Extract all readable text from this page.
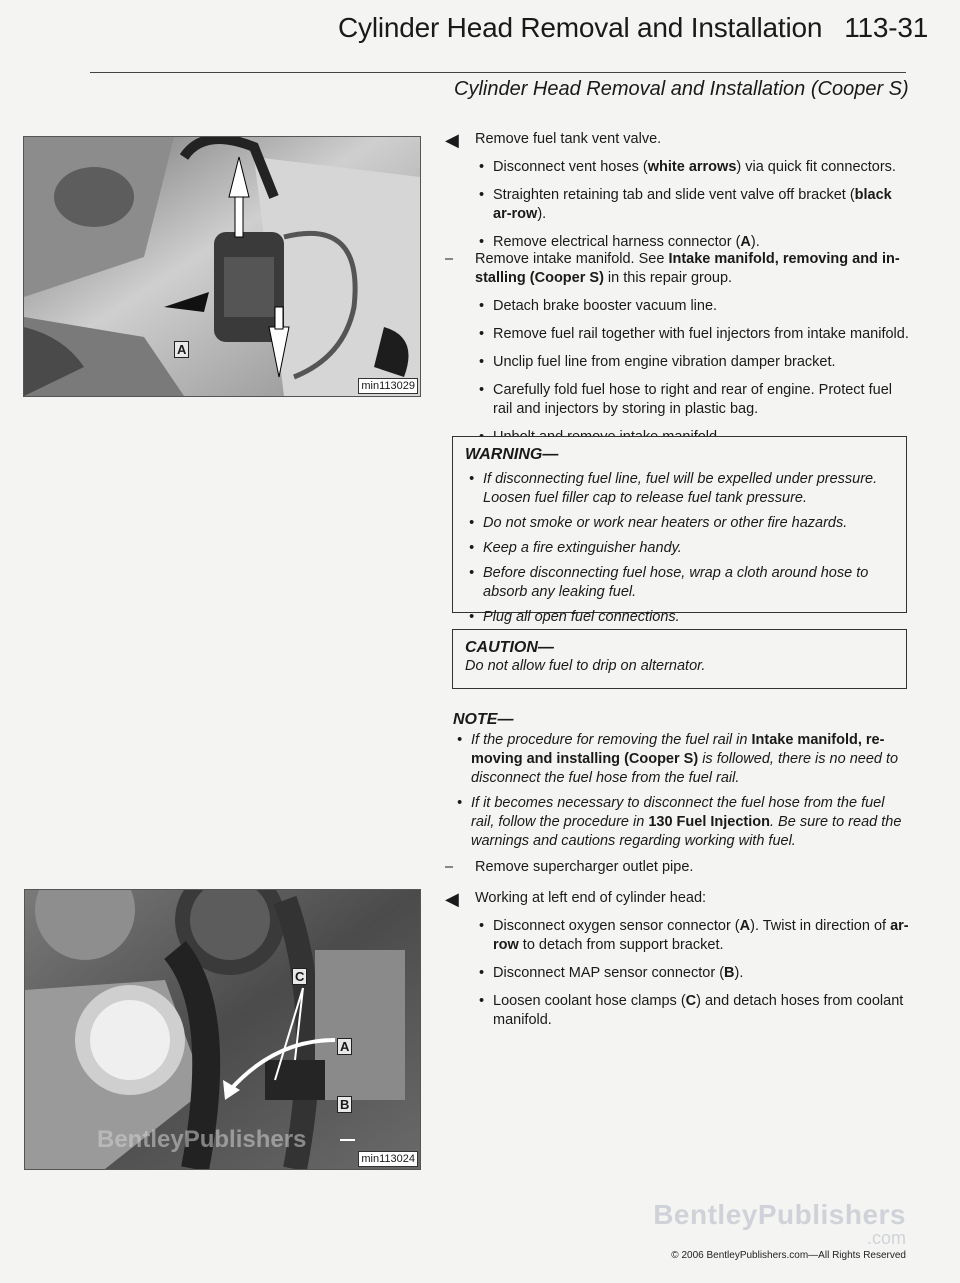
Cylinder Head Removal and Installation 113-31
Cylinder Head Removal and Installation (Cooper S)
A
min113029
◀ Remove fuel tank vent valve.
• Disconnect vent hoses (white arrows) via quick fit connectors.
• Straighten retaining tab and slide vent valve off bracket (black ar-row).
• Remove electrical harness connector (A).
– Remove intake manifold. See Intake manifold, removing and in-stalling (Cooper S) in this repair group.
• Detach brake booster vacuum line.
• Remove fuel rail together with fuel injectors from intake manifold.
• Unclip fuel line from engine vibration damper bracket.
• Carefully fold fuel hose to right and rear of engine. Protect fuel rail and injectors by storing in plastic bag.
•
WARNING—
• If disconnecting fuel line, fuel will be expelled under pressure. Loosen fuel filler cap to release fuel tank pressure.
• Do not smoke or work near heaters or other fire hazards.
• Keep a fire extinguisher handy.
• Before disconnecting fuel hose, wrap a cloth around hose to absorb any leaking fuel.
• Plug all open fuel connections.
CAUTION—
Do not allow fuel to drip on alternator.
NOTE—
• If the procedure for removing the fuel rail in Intake manifold, re-moving and installing (Cooper S) is followed, there is no need to disconnect the fuel hose from the fuel rail.
• If it becomes necessary to disconnect the fuel hose from the fuel rail, follow the procedure in 130 Fuel Injection. Be sure to read the warnings and cautions regarding working with fuel.
– Remove supercharger outlet pipe.
C
A
B
BentleyPublishers
min113024
◀ Working at left end of cylinder head:
• Disconnect oxygen sensor connector (A). Twist in direction of ar-row to detach from support bracket.
• Disconnect MAP sensor connector (B).
• Loosen coolant hose clamps (C) and detach hoses from coolant manifold.
BentleyPublishers
.com
© 2006 BentleyPublishers.com—All Rights Reserved
